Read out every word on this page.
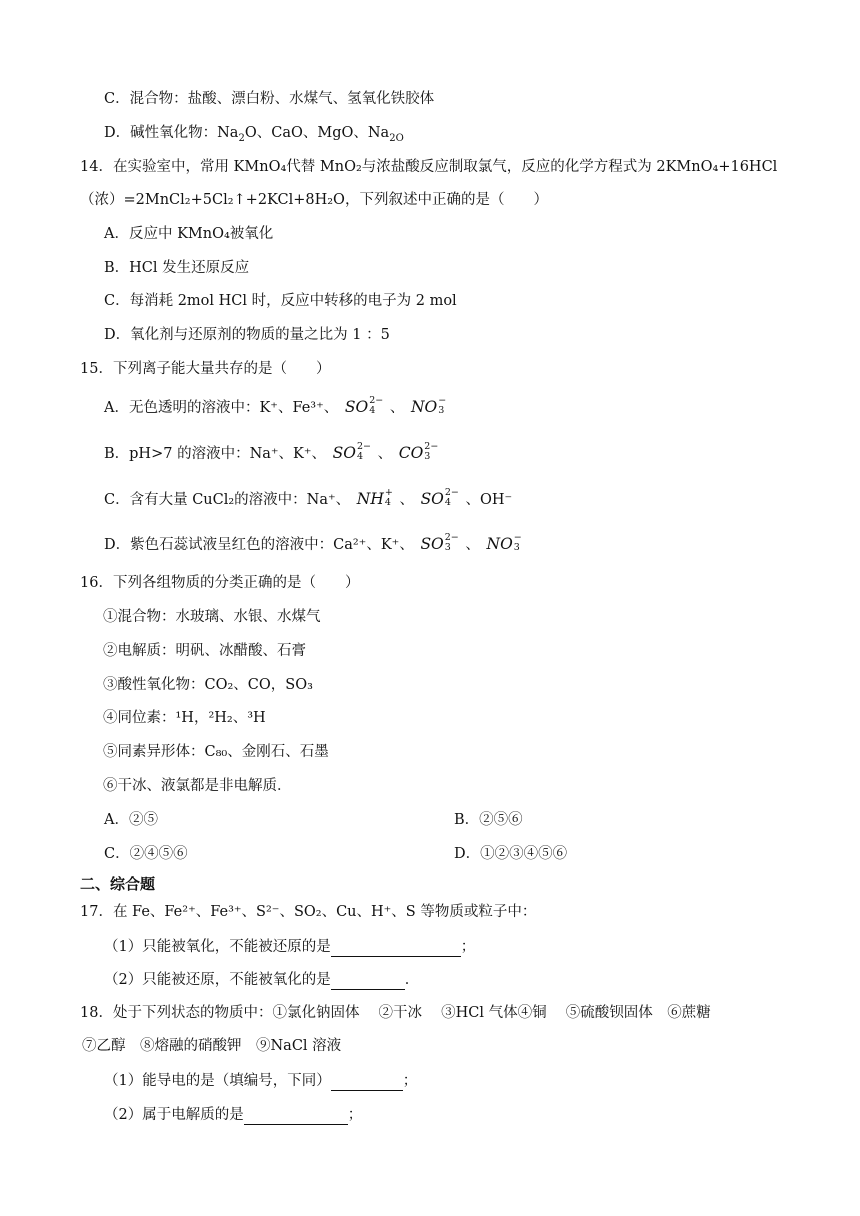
C．混合物：盐酸、漂白粉、水煤气、氢氧化铁胶体
D．碱性氧化物：$Na_2O$、CaO、MgO、$Na_{2O}$
14．在实验室中，常用 KMnO₄代替 MnO₂与浓盐酸反应制取氯气，反应的化学方程式为 2KMnO₄+16HCl
（浓）=2MnCl₂+5Cl₂↑+2KCl+8H₂O，下列叙述中正确的是（　　）
A．反应中 KMnO₄被氧化
B．HCl 发生还原反应
C．每消耗 2mol HCl 时，反应中转移的电子为 2 mol
D．氧化剂与还原剂的物质的量之比为 1 ：5
15．下列离子能大量共存的是（　　）
A．无色透明的溶液中：K⁺、Fe³⁺、 SO 2−
4	、 NO −
3
B．pH>7 的溶液中：Na⁺、K⁺、 SO 2−
4	、 CO 2−
3
C．含有大量 CuCl₂的溶液中：Na⁺、 NH +
4 、 SO 2−
4	、OH⁻
D．紫色石蕊试液呈红色的溶液中：Ca²⁺、K⁺、 SO 2−
3	、 NO −
3
16．下列各组物质的分类正确的是（　　）
①混合物：水玻璃、水银、水煤气
②电解质：明矾、冰醋酸、石膏
③酸性氧化物：CO₂、CO，SO₃
④同位素：¹H，²H₂、³H
⑤同素异形体：C₈₀、金刚石、石墨
⑥干冰、液氯都是非电解质．
A．②⑤	B．②⑤⑥
C．②④⑤⑥	D．①②③④⑤⑥
二、综合题
17．在 Fe、Fe²⁺、Fe³⁺、S²⁻、SO₂、Cu、H⁺、S 等物质或粒子中：
（1）只能被氧化，不能被还原的是	；
（2）只能被还原，不能被氧化的是	．
18．处于下列状态的物质中：①氯化钠固体　 ②干冰　 ③HCl 气体④铜　 ⑤硫酸钡固体　⑥蔗糖
⑦乙醇　⑧熔融的硝酸钾　⑨NaCl 溶液
（1）能导电的是（填编号，下同）	；
（2）属于电解质的是	；
